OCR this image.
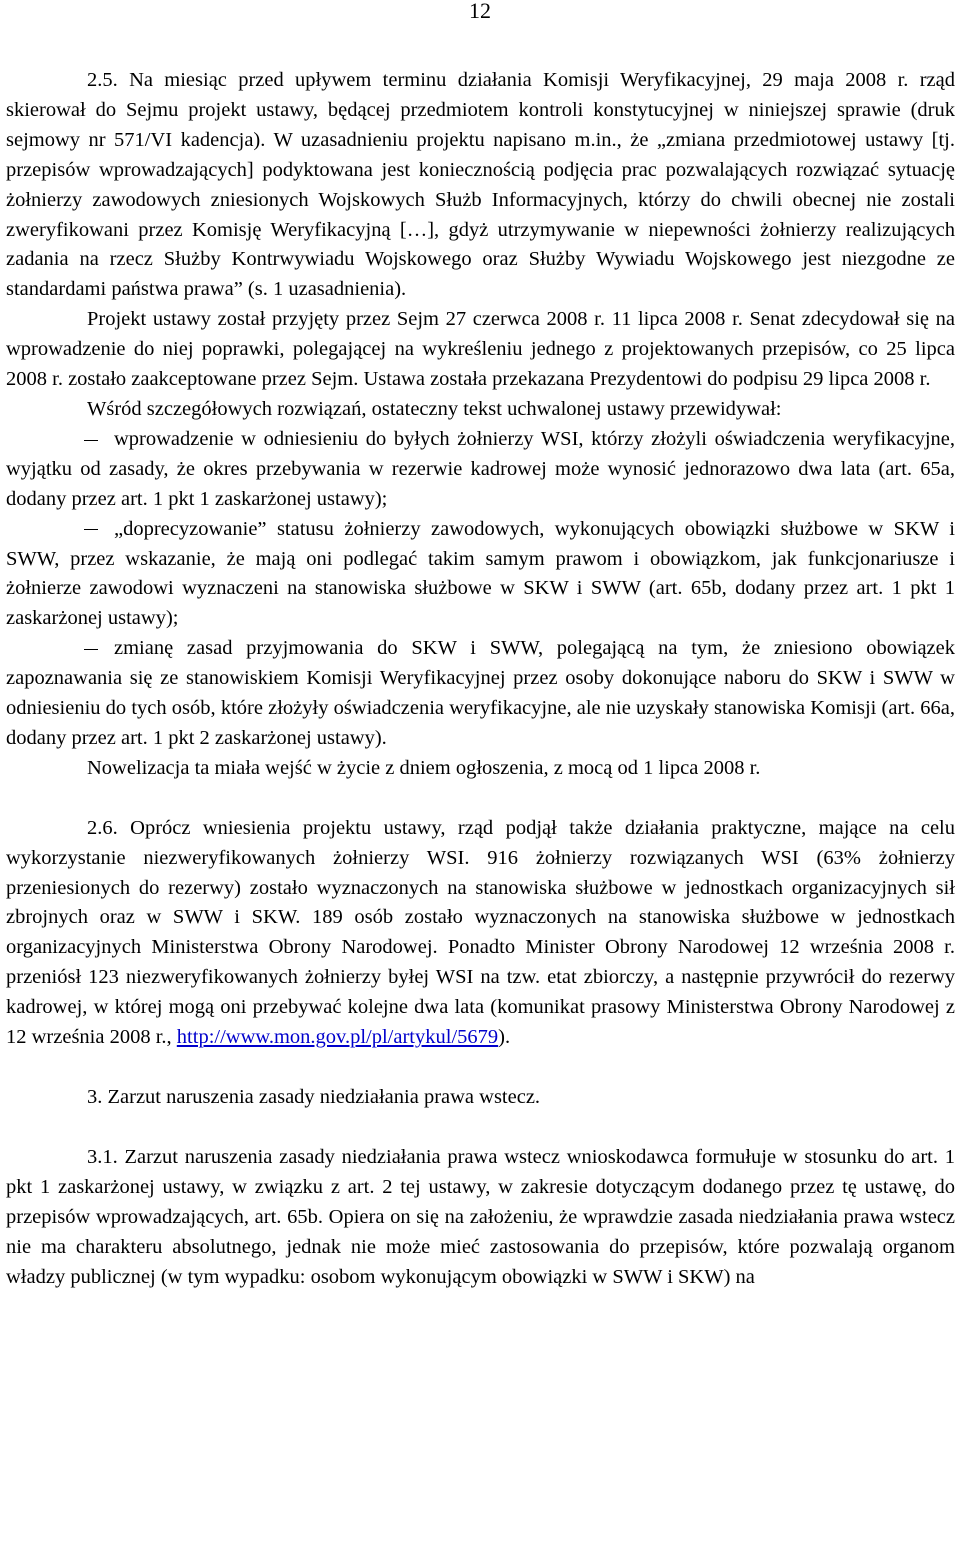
12

2.5. Na miesiąc przed upływem terminu działania Komisji Weryfikacyjnej, 29 maja 2008 r. rząd skierował do Sejmu projekt ustawy, będącej przedmiotem kontroli konstytucyjnej w niniejszej sprawie (druk sejmowy nr 571/VI kadencja). W uzasadnieniu projektu napisano m.in., że „zmiana przedmiotowej ustawy [tj. przepisów wprowadzających] podyktowana jest koniecznością podjęcia prac pozwalających rozwiązać sytuację żołnierzy zawodowych zniesionych Wojskowych Służb Informacyjnych, którzy do chwili obecnej nie zostali zweryfikowani przez Komisję Weryfikacyjną […], gdyż utrzymywanie w niepewności żołnierzy realizujących zadania na rzecz Służby Kontrwywiadu Wojskowego oraz Służby Wywiadu Wojskowego jest niezgodne ze standardami państwa prawa” (s. 1 uzasadnienia).

Projekt ustawy został przyjęty przez Sejm 27 czerwca 2008 r. 11 lipca 2008 r. Senat zdecydował się na wprowadzenie do niej poprawki, polegającej na wykreśleniu jednego z projektowanych przepisów, co 25 lipca 2008 r. zostało zaakceptowane przez Sejm. Ustawa została przekazana Prezydentowi do podpisu 29 lipca 2008 r.

Wśród szczegółowych rozwiązań, ostateczny tekst uchwalonej ustawy przewidywał:

wprowadzenie w odniesieniu do byłych żołnierzy WSI, którzy złożyli oświadczenia weryfikacyjne, wyjątku od zasady, że okres przebywania w rezerwie kadrowej może wynosić jednorazowo dwa lata (art. 65a, dodany przez art. 1 pkt 1 zaskarżonej ustawy);

„doprecyzowanie” statusu żołnierzy zawodowych, wykonujących obowiązki służbowe w SKW i SWW, przez wskazanie, że mają oni podlegać takim samym prawom i obowiązkom, jak funkcjonariusze i żołnierze zawodowi wyznaczeni na stanowiska służbowe w SKW i SWW (art. 65b, dodany przez art. 1 pkt 1 zaskarżonej ustawy);

zmianę zasad przyjmowania do SKW i SWW, polegającą na tym, że zniesiono obowiązek zapoznawania się ze stanowiskiem Komisji Weryfikacyjnej przez osoby dokonujące naboru do SKW i SWW w odniesieniu do tych osób, które złożyły oświadczenia weryfikacyjne, ale nie uzyskały stanowiska Komisji (art. 66a, dodany przez art. 1 pkt 2 zaskarżonej ustawy).

Nowelizacja ta miała wejść w życie z dniem ogłoszenia, z mocą od 1 lipca 2008 r.

2.6. Oprócz wniesienia projektu ustawy, rząd podjął także działania praktyczne, mające na celu wykorzystanie niezweryfikowanych żołnierzy WSI. 916 żołnierzy rozwiązanych WSI (63% żołnierzy przeniesionych do rezerwy) zostało wyznaczonych na stanowiska służbowe w jednostkach organizacyjnych sił zbrojnych oraz w SWW i SKW. 189 osób zostało wyznaczonych na stanowiska służbowe w jednostkach organizacyjnych Ministerstwa Obrony Narodowej. Ponadto Minister Obrony Narodowej 12 września 2008 r. przeniósł 123 niezweryfikowanych żołnierzy byłej WSI na tzw. etat zbiorczy, a następnie przywrócił do rezerwy kadrowej, w której mogą oni przebywać kolejne dwa lata (komunikat prasowy Ministerstwa Obrony Narodowej z 12 września 2008 r., http://www.mon.gov.pl/pl/artykul/5679).

3. Zarzut naruszenia zasady niedziałania prawa wstecz.

3.1. Zarzut naruszenia zasady niedziałania prawa wstecz wnioskodawca formułuje w stosunku do art. 1 pkt 1 zaskarżonej ustawy, w związku z art. 2 tej ustawy, w zakresie dotyczącym dodanego przez tę ustawę, do przepisów wprowadzających, art. 65b. Opiera on się na założeniu, że wprawdzie zasada niedziałania prawa wstecz nie ma charakteru absolutnego, jednak nie może mieć zastosowania do przepisów, które pozwalają organom władzy publicznej (w tym wypadku: osobom wykonującym obowiązki w SWW i SKW) na
